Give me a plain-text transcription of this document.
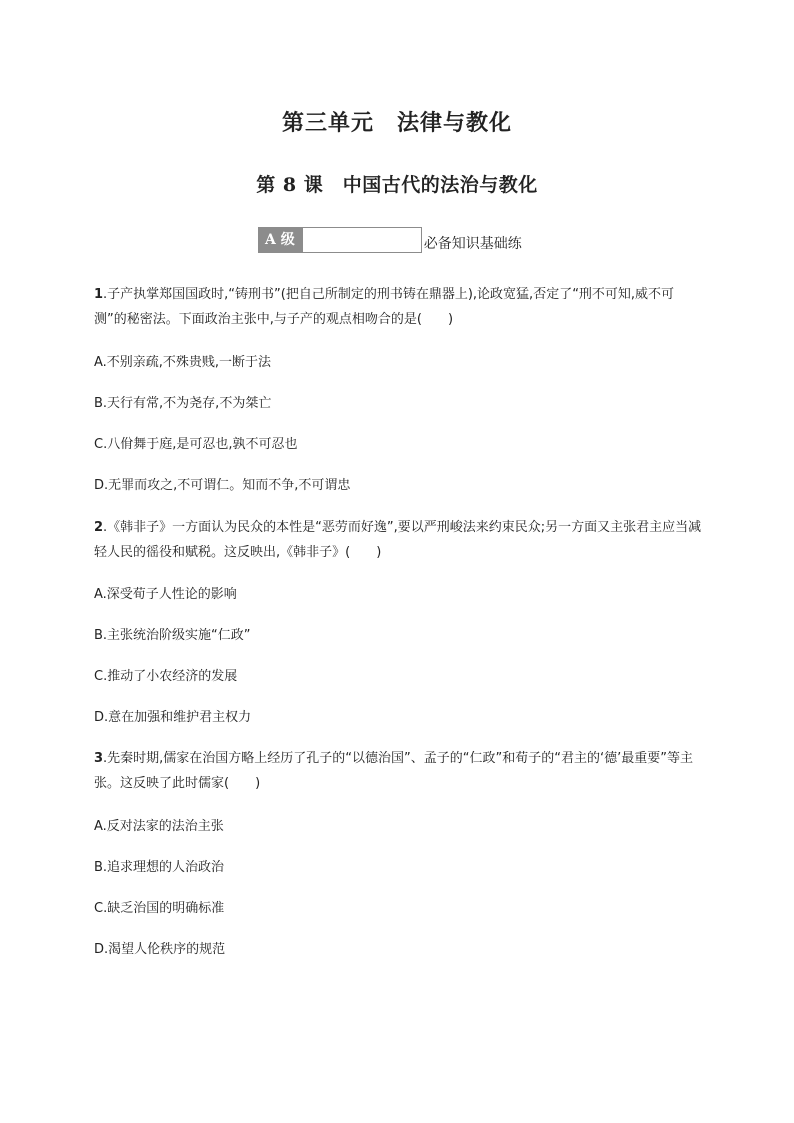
第三单元　法律与教化
第 8 课　中国古代的法治与教化
A 级	必备知识基础练

1.子产执掌郑国国政时,“铸刑书”(把自己所制定的刑书铸在鼎器上),论政宽猛,否定了“刑不可知,威不可测”的秘密法。下面政治主张中,与子产的观点相吻合的是(　　)

A.不别亲疏,不殊贵贱,一断于法

B.天行有常,不为尧存,不为桀亡

C.八佾舞于庭,是可忍也,孰不可忍也

D.无罪而攻之,不可谓仁。知而不争,不可谓忠

2.《韩非子》一方面认为民众的本性是“恶劳而好逸”,要以严刑峻法来约束民众;另一方面又主张君主应当减轻人民的徭役和赋税。这反映出,《韩非子》(　　)

A.深受荀子人性论的影响

B.主张统治阶级实施“仁政”

C.推动了小农经济的发展

D.意在加强和维护君主权力

3.先秦时期,儒家在治国方略上经历了孔子的“以德治国”、孟子的“仁政”和荀子的“君主的‘德’最重要”等主张。这反映了此时儒家(　　)

A.反对法家的法治主张

B.追求理想的人治政治

C.缺乏治国的明确标准

D.渴望人伦秩序的规范
